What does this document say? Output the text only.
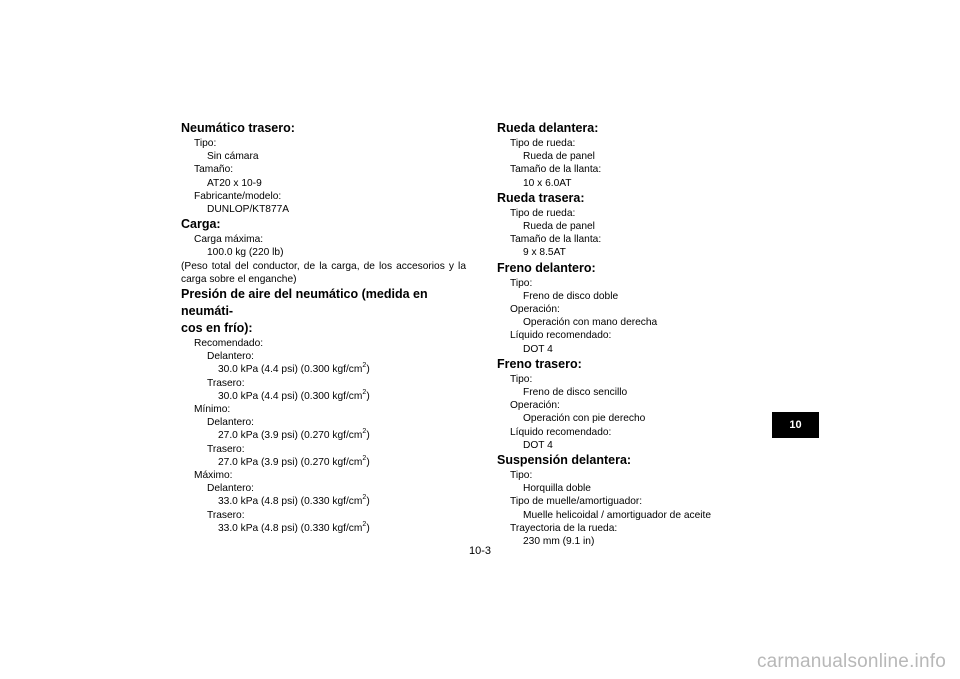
Neumático trasero:

Tipo:

Sin cámara

Tamaño:

AT20 x 10-9

Fabricante/modelo:

DUNLOP/KT877A

Carga:

Carga máxima:

100.0 kg (220 lb)

(Peso total del conductor, de la carga, de los accesorios y la carga sobre el enganche)

Presión de aire del neumático (medida en neumáti-

cos en frío):

Recomendado:

Delantero:

30.0 kPa (4.4 psi) (0.300 kgf/$cm^2$)

Trasero:

30.0 kPa (4.4 psi) (0.300 kgf/$cm^2$)

Mínimo:

Delantero:

27.0 kPa (3.9 psi) (0.270 kgf/$cm^2$)

Trasero:

27.0 kPa (3.9 psi) (0.270 kgf/$cm^2$)

Máximo:

Delantero:

33.0 kPa (4.8 psi) (0.330 kgf/$cm^2$)

Trasero:

33.0 kPa (4.8 psi) (0.330 kgf/$cm^2$)

Rueda delantera:

Tipo de rueda:

Rueda de panel

Tamaño de la llanta:

10 x 6.0AT

Rueda trasera:

Tipo de rueda:

Rueda de panel

Tamaño de la llanta:

9 x 8.5AT

Freno delantero:

Tipo:

Freno de disco doble

Operación:

Operación con mano derecha

Líquido recomendado:

DOT 4

Freno trasero:

Tipo:

Freno de disco sencillo

Operación:

Operación con pie derecho

Líquido recomendado:

DOT 4

Suspensión delantera:

Tipo:

Horquilla doble

Tipo de muelle/amortiguador:

Muelle helicoidal / amortiguador de aceite

Trayectoria de la rueda:

230 mm (9.1 in)

10
10-3
carmanualsonline.info
